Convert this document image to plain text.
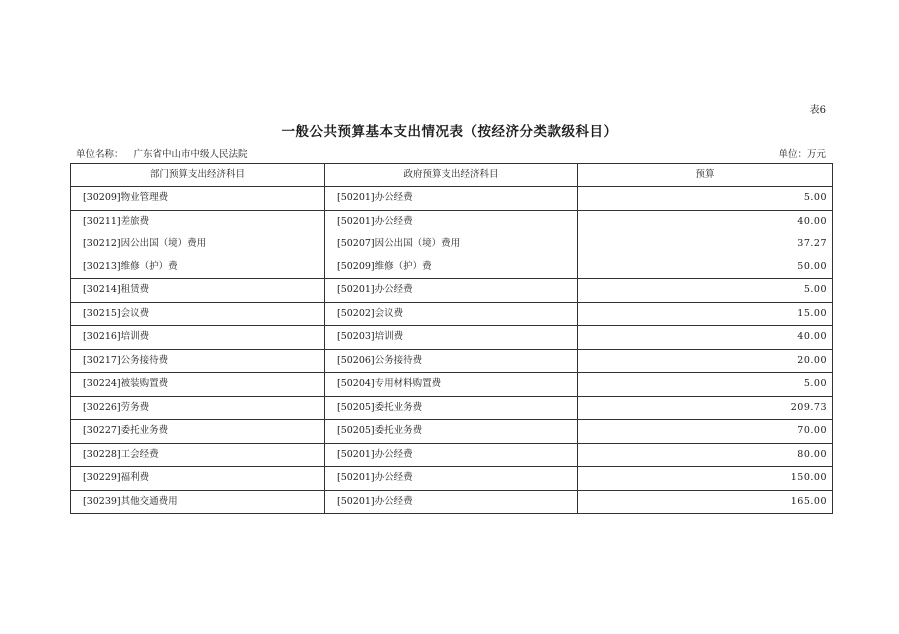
表6
一般公共预算基本支出情况表（按经济分类款级科目）
单位名称： 广东省中山市中级人民法院	单位：万元
部门预算支出经济科目	政府预算支出经济科目	预算
[30209]物业管理费	[50201]办公经费	5.00
[30211]差旅费	[50201]办公经费	40.00
[30212]因公出国（境）费用	[50207]因公出国（境）费用	37.27
[30213]维修（护）费	[50209]维修（护）费	50.00
[30214]租赁费	[50201]办公经费	5.00
[30215]会议费	[50202]会议费	15.00
[30216]培训费	[50203]培训费	40.00
[30217]公务接待费	[50206]公务接待费	20.00
[30224]被装购置费	[50204]专用材料购置费	5.00
[30226]劳务费	[50205]委托业务费	209.73
[30227]委托业务费	[50205]委托业务费	70.00
[30228]工会经费	[50201]办公经费	80.00
[30229]福利费	[50201]办公经费	150.00
[30239]其他交通费用	[50201]办公经费	165.00
